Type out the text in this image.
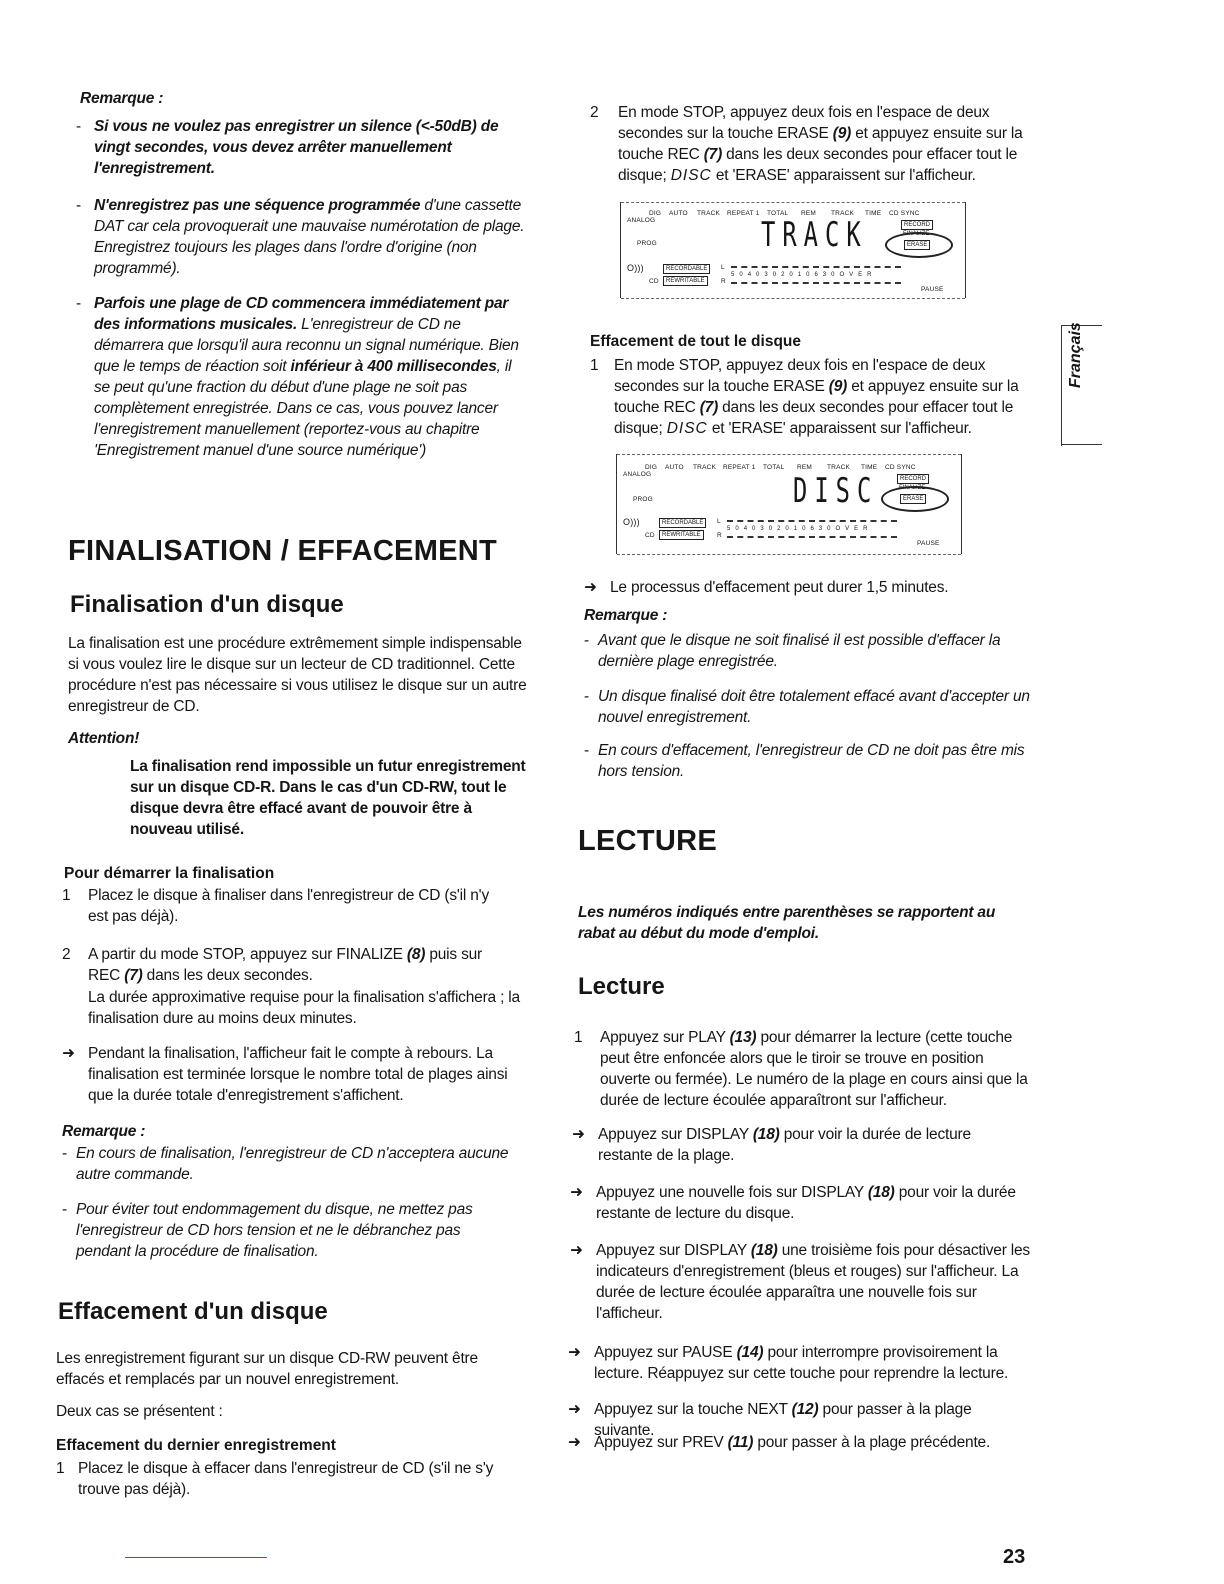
Remarque :

- Si vous ne voulez pas enregistrer un silence (<-50dB) de vingt secondes, vous devez arrêter manuellement l'enregistrement.

- N'enregistrez pas une séquence programmée d'une cassette DAT car cela provoquerait une mauvaise numérotation de plage. Enregistrez toujours les plages dans l'ordre d'origine (non programmé).

- Parfois une plage de CD commencera immédiatement par des informations musicales. L'enregistreur de CD ne démarrera que lorsqu'il aura reconnu un signal numérique. Bien que le temps de réaction soit inférieur à 400 millisecondes, il se peut qu'une fraction du début d'une plage ne soit pas complètement enregistrée. Dans ce cas, vous pouvez lancer l'enregistrement manuellement (reportez-vous au chapitre 'Enregistrement manuel d'une source numérique')

FINALISATION / EFFACEMENT

Finalisation d'un disque

La finalisation est une procédure extrêmement simple indispensable si vous voulez lire le disque sur un lecteur de CD traditionnel. Cette procédure n'est pas nécessaire si vous utilisez le disque sur un autre enregistreur de CD.

Attention!

La finalisation rend impossible un futur enregistrement sur un disque CD-R. Dans le cas d'un CD-RW, tout le disque devra être effacé avant de pouvoir être à nouveau utilisé.

Pour démarrer la finalisation

1 Placez le disque à finaliser dans l'enregistreur de CD (s'il n'y est pas déjà).

2 A partir du mode STOP, appuyez sur FINALIZE (8) puis sur REC (7) dans les deux secondes.

La durée approximative requise pour la finalisation s'affichera ; la finalisation dure au moins deux minutes.

➜ Pendant la finalisation, l'afficheur fait le compte à rebours. La finalisation est terminée lorsque le nombre total de plages ainsi que la durée totale d'enregistrement s'affichent.

Remarque :

- En cours de finalisation, l'enregistreur de CD n'acceptera aucune autre commande.

- Pour éviter tout endommagement du disque, ne mettez pas l'enregistreur de CD hors tension et ne le débranchez pas pendant la procédure de finalisation.

Effacement d'un disque

Les enregistrement figurant sur un disque CD-RW peuvent être effacés et remplacés par un nouvel enregistrement.

Deux cas se présentent :

Effacement du dernier enregistrement

1 Placez le disque à effacer dans l'enregistreur de CD (s'il ne s'y trouve pas déjà).

2 En mode STOP, appuyez deux fois en l'espace de deux secondes sur la touche ERASE (9) et appuyez ensuite sur la touche REC (7) dans les deux secondes pour effacer tout le disque; DISC et 'ERASE' apparaissent sur l'afficheur.

DIG AUTO TRACK REPEAT 1 TOTAL REM TRACK TIME CD SYNC
ANALOG
PROG	TRACK	RECORD
FINALIZE
ERASE
O)))	RECORDABLE
REWRITABLE
CD
L
R
5040302010630OVER
PAUSE

Effacement de tout le disque

1 En mode STOP, appuyez deux fois en l'espace de deux secondes sur la touche ERASE (9) et appuyez ensuite sur la touche REC (7) dans les deux secondes pour effacer tout le disque; DISC et 'ERASE' apparaissent sur l'afficheur.

DIG AUTO TRACK REPEAT 1 TOTAL REM TRACK TIME CD SYNC
ANALOG
PROG	DISC	RECORD
FINALIZE
ERASE
O)))	RECORDABLE
REWRITABLE
CD
L
R
5040302010630OVER
PAUSE
➜ Le processus d'effacement peut durer 1,5 minutes.

Remarque :

- Avant que le disque ne soit finalisé il est possible d'effacer la dernière plage enregistrée.

- Un disque finalisé doit être totalement effacé avant d'accepter un nouvel enregistrement.

- En cours d'effacement, l'enregistreur de CD ne doit pas être mis hors tension.

LECTURE

Les numéros indiqués entre parenthèses se rapportent au rabat au début du mode d'emploi.

Lecture

1 Appuyez sur PLAY (13) pour démarrer la lecture (cette touche peut être enfoncée alors que le tiroir se trouve en position ouverte ou fermée). Le numéro de la plage en cours ainsi que la durée de lecture écoulée apparaîtront sur l'afficheur.

➜ Appuyez sur DISPLAY (18) pour voir la durée de lecture restante de la plage.

➜ Appuyez une nouvelle fois sur DISPLAY (18) pour voir la durée restante de lecture du disque.

➜ Appuyez sur DISPLAY (18) une troisième fois pour désactiver les indicateurs d'enregistrement (bleus et rouges) sur l'afficheur. La durée de lecture écoulée apparaîtra une nouvelle fois sur l'afficheur.

➜ Appuyez sur PAUSE (14) pour interrompre provisoirement la lecture. Réappuyez sur cette touche pour reprendre la lecture.

➜ Appuyez sur la touche NEXT (12) pour passer à la plage suivante.

➜ Appuyez sur PREV (11) pour passer à la plage précédente.

Français

23
